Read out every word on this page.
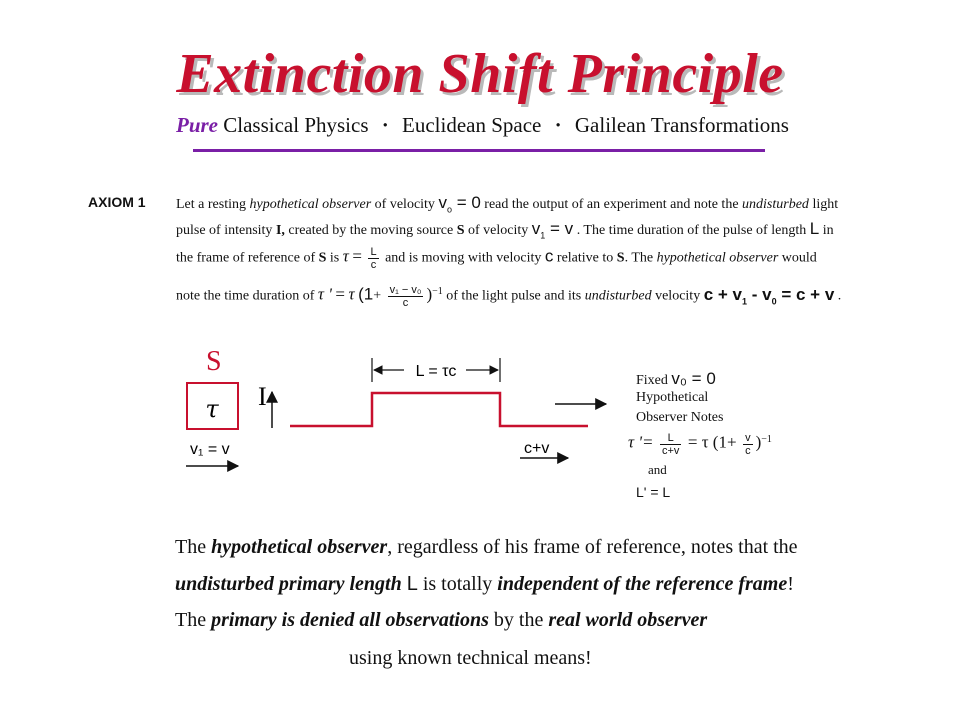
Extinction Shift Principle
Pure Classical Physics · Euclidean Space · Galilean Transformations
AXIOM 1 Let a resting hypothetical observer of velocity $v_o = 0$ read the output of an experiment and note the undisturbed light
pulse of intensity I, created by the moving source S of velocity $v_1 = v$ . The time duration of the pulse of length L in
the frame of reference of S is $\tau = \frac{L}{c}$ and is moving with velocity c relative to S. The hypothetical observer would
note the time duration of τ ' = τ $(1+ \frac{\text{v₁ − v₀}}{c} )^{-1}$ of the light pulse and its undisturbed velocity $c + v_1 - v_0 = c + v$ .
S
τ I
L = τc
v₁ = v	c+v
Fixed v₀ = 0
Hypothetical
Observer Notes
τ '= $\frac{L}{c+v} = \tau$ $(1+ \frac{v}{c} )^{-1}$
and
L' = L
The hypothetical observer, regardless of his frame of reference, notes that the
undisturbed primary length L is totally independent of the reference frame!
The primary is denied all observations by the real world observer
using known technical means!
